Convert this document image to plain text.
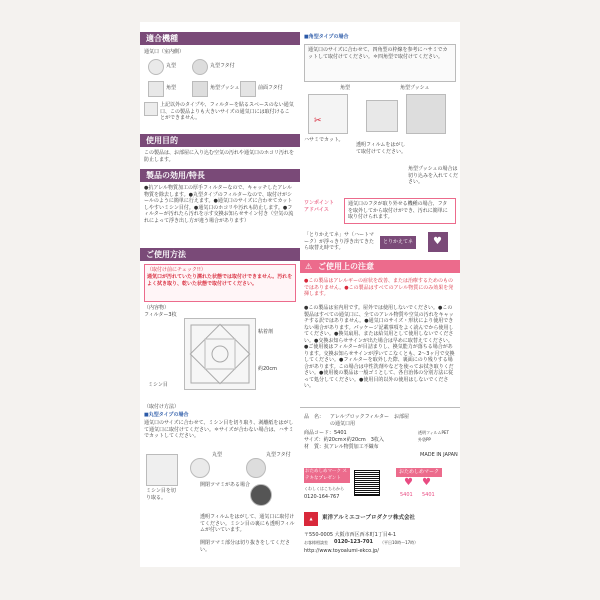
適合機種
通気口（室内側）
丸型	丸型フタ付
角型	角型プッシュ	前面フタ付
上記以外のタイプや、フィルターを貼るスペースのない通気口、この製品よりも大きいサイズの通気口には取付けることができません。
使用目的
この製品は、お部屋に入り込む空気の汚れや通気口のホコリ汚れを防止します。
製品の効用/特長
●抗アレル物質加工の厚手フィルターなので、キャッチしたアレル物質を除去します。●丸型タイプのフィルターなので、取付けがシールのように簡単に行えます。●通気口のサイズに合わせてカットしやすいミシン目付。●通気口のホコリや汚れも防止します。●フィルターが汚れたら汚れを示す交換お知らせサイン付き（空気の流れによって浮き出し方が違う場合があります）
ご使用方法
（取付け前にチェック!!）
通気口が汚れていたり濡れた状態では取付けできません。汚れをよく拭き取り、乾いた状態で取付けてください。
（内容物）
フィルター3枚
粘着剤
ミシン目
約20cm
（取付け方法）
■丸型タイプの場合
通気口のサイズに合わせて、ミシン目を切り取り、剥離紙をはがして通気口に取付けてください。＊サイズが合わない場合は、ハサミでカットしてください。
ミシン目を切り取る。
丸型	丸型フタ付
開閉ツマミがある場合
透明フィルムをはがして、通気口に取付けてください。ミシン目の裏にも透明フィルムが付いています。
開閉ツマミ部分は切り抜きをしてください。
■角型タイプの場合
通気口のサイズに合わせて、四角型の枠線を参考にハサミでカットして取付けてください。＊四角型で取付けてください。
角型	角型プッシュ
✂
ハサミでカット。
透明フィルムをはがして取付けてください。
角型プッシュの場合は切り込みを入れてください。
ワンポイントアドバイス
通気口のフタが取り外せる機種の場合、フタを取外してから取付けができ、汚れに簡単に取り付けられます。
「とりかえてネ」サ（ハートマーク）が浮っきり浮き出てきたら取替え時です。
とりかえてネ	♥
ご使用上の注意
⚠
●この製品はアレルギーの症状を改善、または治療するためのものではありません。●この製品はすべてのアレル物質にのみ効果を発揮します。
●この製品は室内用です。屋外では使用しないでください。●この製品はすべての通気口に、全てのアレル物質や空気の汚れをキャッチする訳ではありません。●通気口のサイズ・形状により使用できない場合があります。パッケージ記載事項をよく読んでから使用してください。●換気扇用、または給気用として使用しないでください。●交換お知らせサインが出た場合は早めに取替えてください。●ご使用後はフィルターが目詰まりし、換気能力が落ちる場合があります。交換お知らせサインが浮いてこなくとも、2〜3ヶ月で交換してください。●フィルターを取外した際、裏面にのり残りする場合があります。この場合は中性洗剤やなどを使ってお拭き取りください。●使用後の製品は一般ゴミとして、各自治体の分別方法に従って処分してください。●使用目的以外の使用はしないでください。
品　名： アレルブロックフィルター　お部屋の通気口用
商品コード：5401
サイズ：約20cm×約20cm　3枚入
材　質：抗アレル物質加工不織布
MADE IN JAPAN
透明フィルムPET　外袋PP
おためしめマーク ステキなプレゼント
くわしくはこちらから
0120-164-767
おためしめマーク
♥ ♥
5401 5401
▲	東洋アルミエコープロダクツ株式会社
〒550-0005 大阪市西区西本町1丁目4-1
お客様相談室 0120-123-701 （平日10時〜17時）
http://www.toyoalumi-ekco.jp/
